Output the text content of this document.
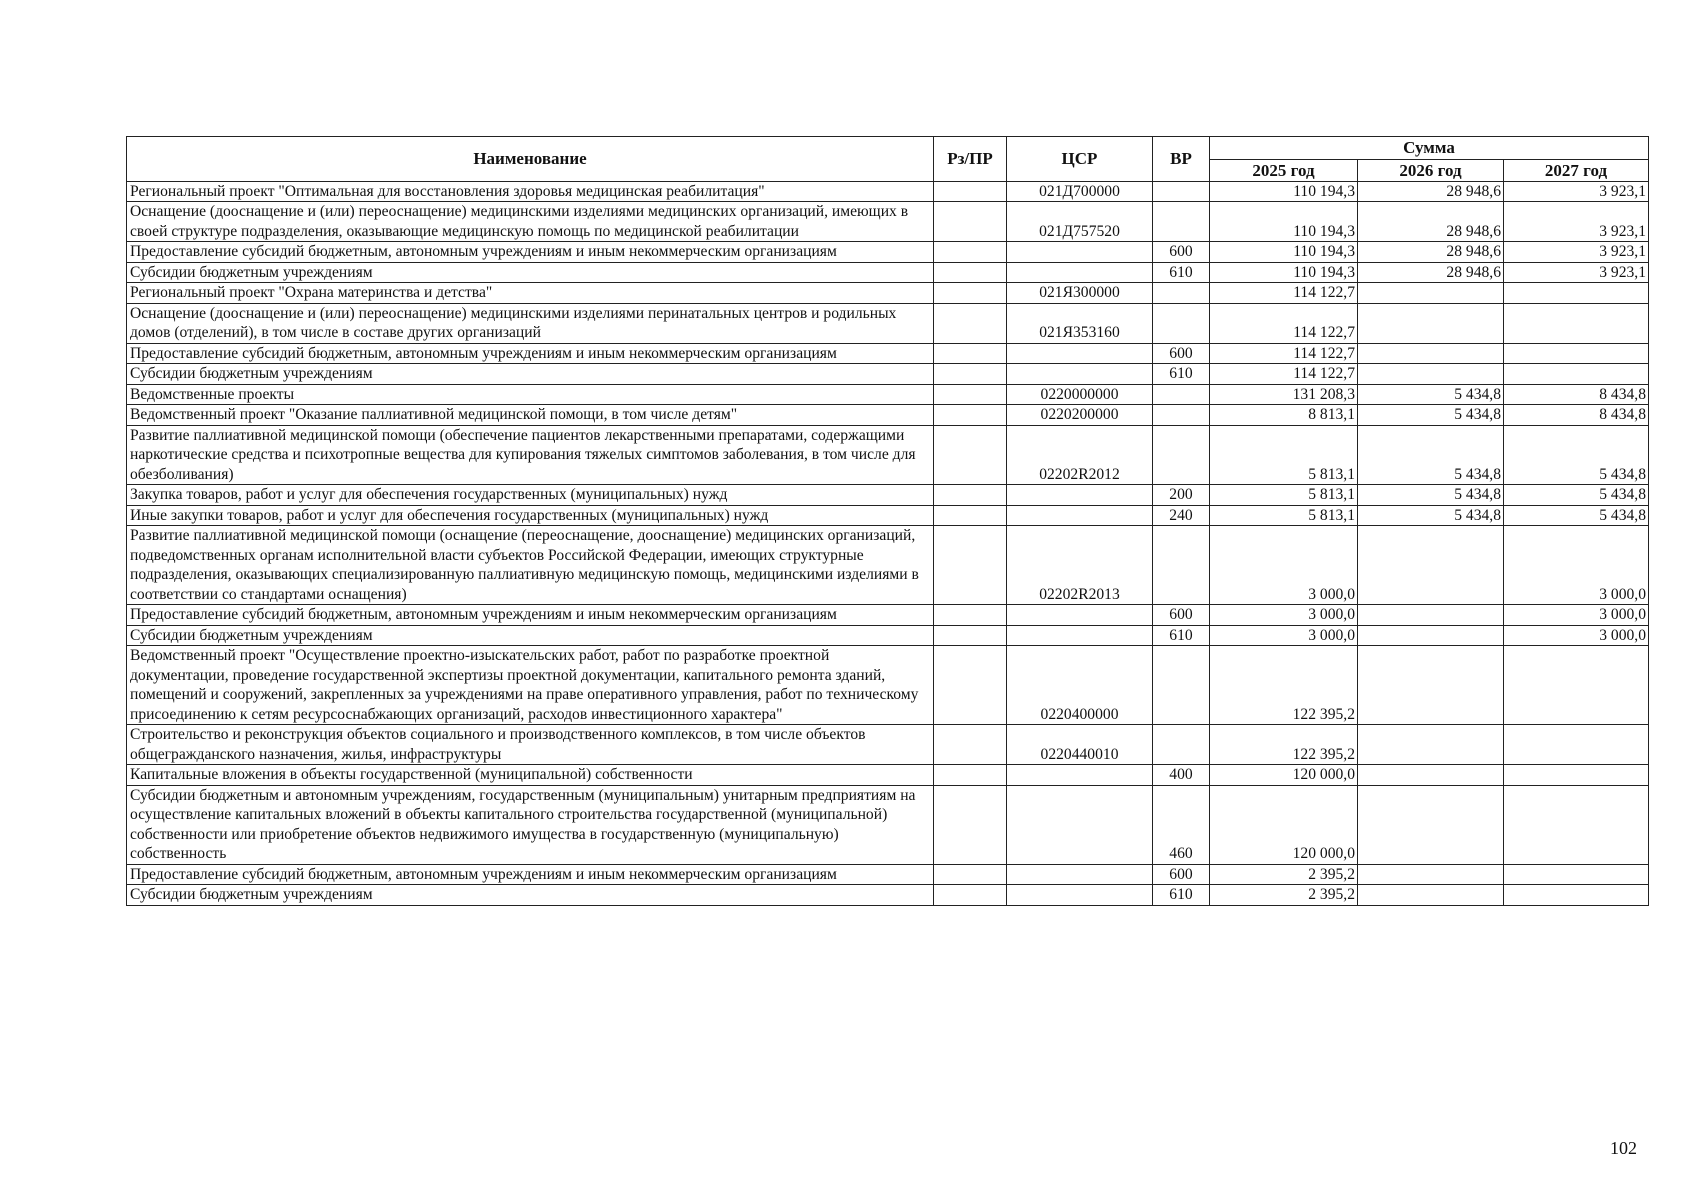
Наименование	Рз/ПР	ЦСР	ВР	Сумма		
				2025 год	2026 год	2027 год
Региональный проект "Оптимальная для восстановления здоровья медицинская реабилитация"		021Д700000		110 194,3	28 948,6	3 923,1
Оснащение (дооснащение и (или) переоснащение) медицинскими изделиями медицинских организаций, имеющих в своей структуре подразделения, оказывающие медицинскую помощь по медицинской реабилитации		021Д757520		110 194,3	28 948,6	3 923,1
Предоставление субсидий бюджетным, автономным учреждениям и иным некоммерческим организациям			600	110 194,3	28 948,6	3 923,1
Субсидии бюджетным учреждениям			610	110 194,3	28 948,6	3 923,1
Региональный проект "Охрана материнства и детства"		021Я300000		114 122,7		
Оснащение (дооснащение и (или) переоснащение) медицинскими изделиями перинатальных центров и родильных домов (отделений), в том числе в составе других организаций		021Я353160		114 122,7		
Предоставление субсидий бюджетным, автономным учреждениям и иным некоммерческим организациям			600	114 122,7		
Субсидии бюджетным учреждениям			610	114 122,7		
Ведомственные проекты		0220000000		131 208,3	5 434,8	8 434,8
Ведомственный проект "Оказание паллиативной медицинской помощи, в том числе детям"		0220200000		8 813,1	5 434,8	8 434,8
Развитие паллиативной медицинской помощи (обеспечение пациентов лекарственными препаратами, содержащими наркотические средства и психотропные вещества для купирования тяжелых симптомов заболевания, в том числе для обезболивания)		02202R2012		5 813,1	5 434,8	5 434,8
Закупка товаров, работ и услуг для обеспечения государственных (муниципальных) нужд			200	5 813,1	5 434,8	5 434,8
Иные закупки товаров, работ и услуг для обеспечения государственных (муниципальных) нужд			240	5 813,1	5 434,8	5 434,8
Развитие паллиативной медицинской помощи (оснащение (переоснащение, дооснащение) медицинских организаций, подведомственных органам исполнительной власти субъектов Российской Федерации, имеющих структурные подразделения, оказывающих специализированную паллиативную медицинскую помощь, медицинскими изделиями в соответствии со стандартами оснащения)		02202R2013		3 000,0		3 000,0
Предоставление субсидий бюджетным, автономным учреждениям и иным некоммерческим организациям			600	3 000,0		3 000,0
Субсидии бюджетным учреждениям			610	3 000,0		3 000,0
Ведомственный проект "Осуществление проектно-изыскательских работ, работ по разработке проектной документации, проведение государственной экспертизы проектной документации, капитального ремонта зданий, помещений и сооружений, закрепленных за учреждениями на праве оперативного управления, работ по техническому присоединению к сетям ресурсоснабжающих организаций, расходов инвестиционного характера"		0220400000		122 395,2		
Строительство и реконструкция объектов социального и производственного комплексов, в том числе объектов общегражданского назначения, жилья, инфраструктуры		0220440010		122 395,2		
Капитальные вложения в объекты государственной (муниципальной) собственности			400	120 000,0		
Субсидии бюджетным и автономным учреждениям, государственным (муниципальным) унитарным предприятиям на осуществление капитальных вложений в объекты капитального строительства государственной (муниципальной) собственности или приобретение объектов недвижимого имущества в государственную (муниципальную) собственность			460	120 000,0		
Предоставление субсидий бюджетным, автономным учреждениям и иным некоммерческим организациям			600	2 395,2		
Субсидии бюджетным учреждениям			610	2 395,2		
102
